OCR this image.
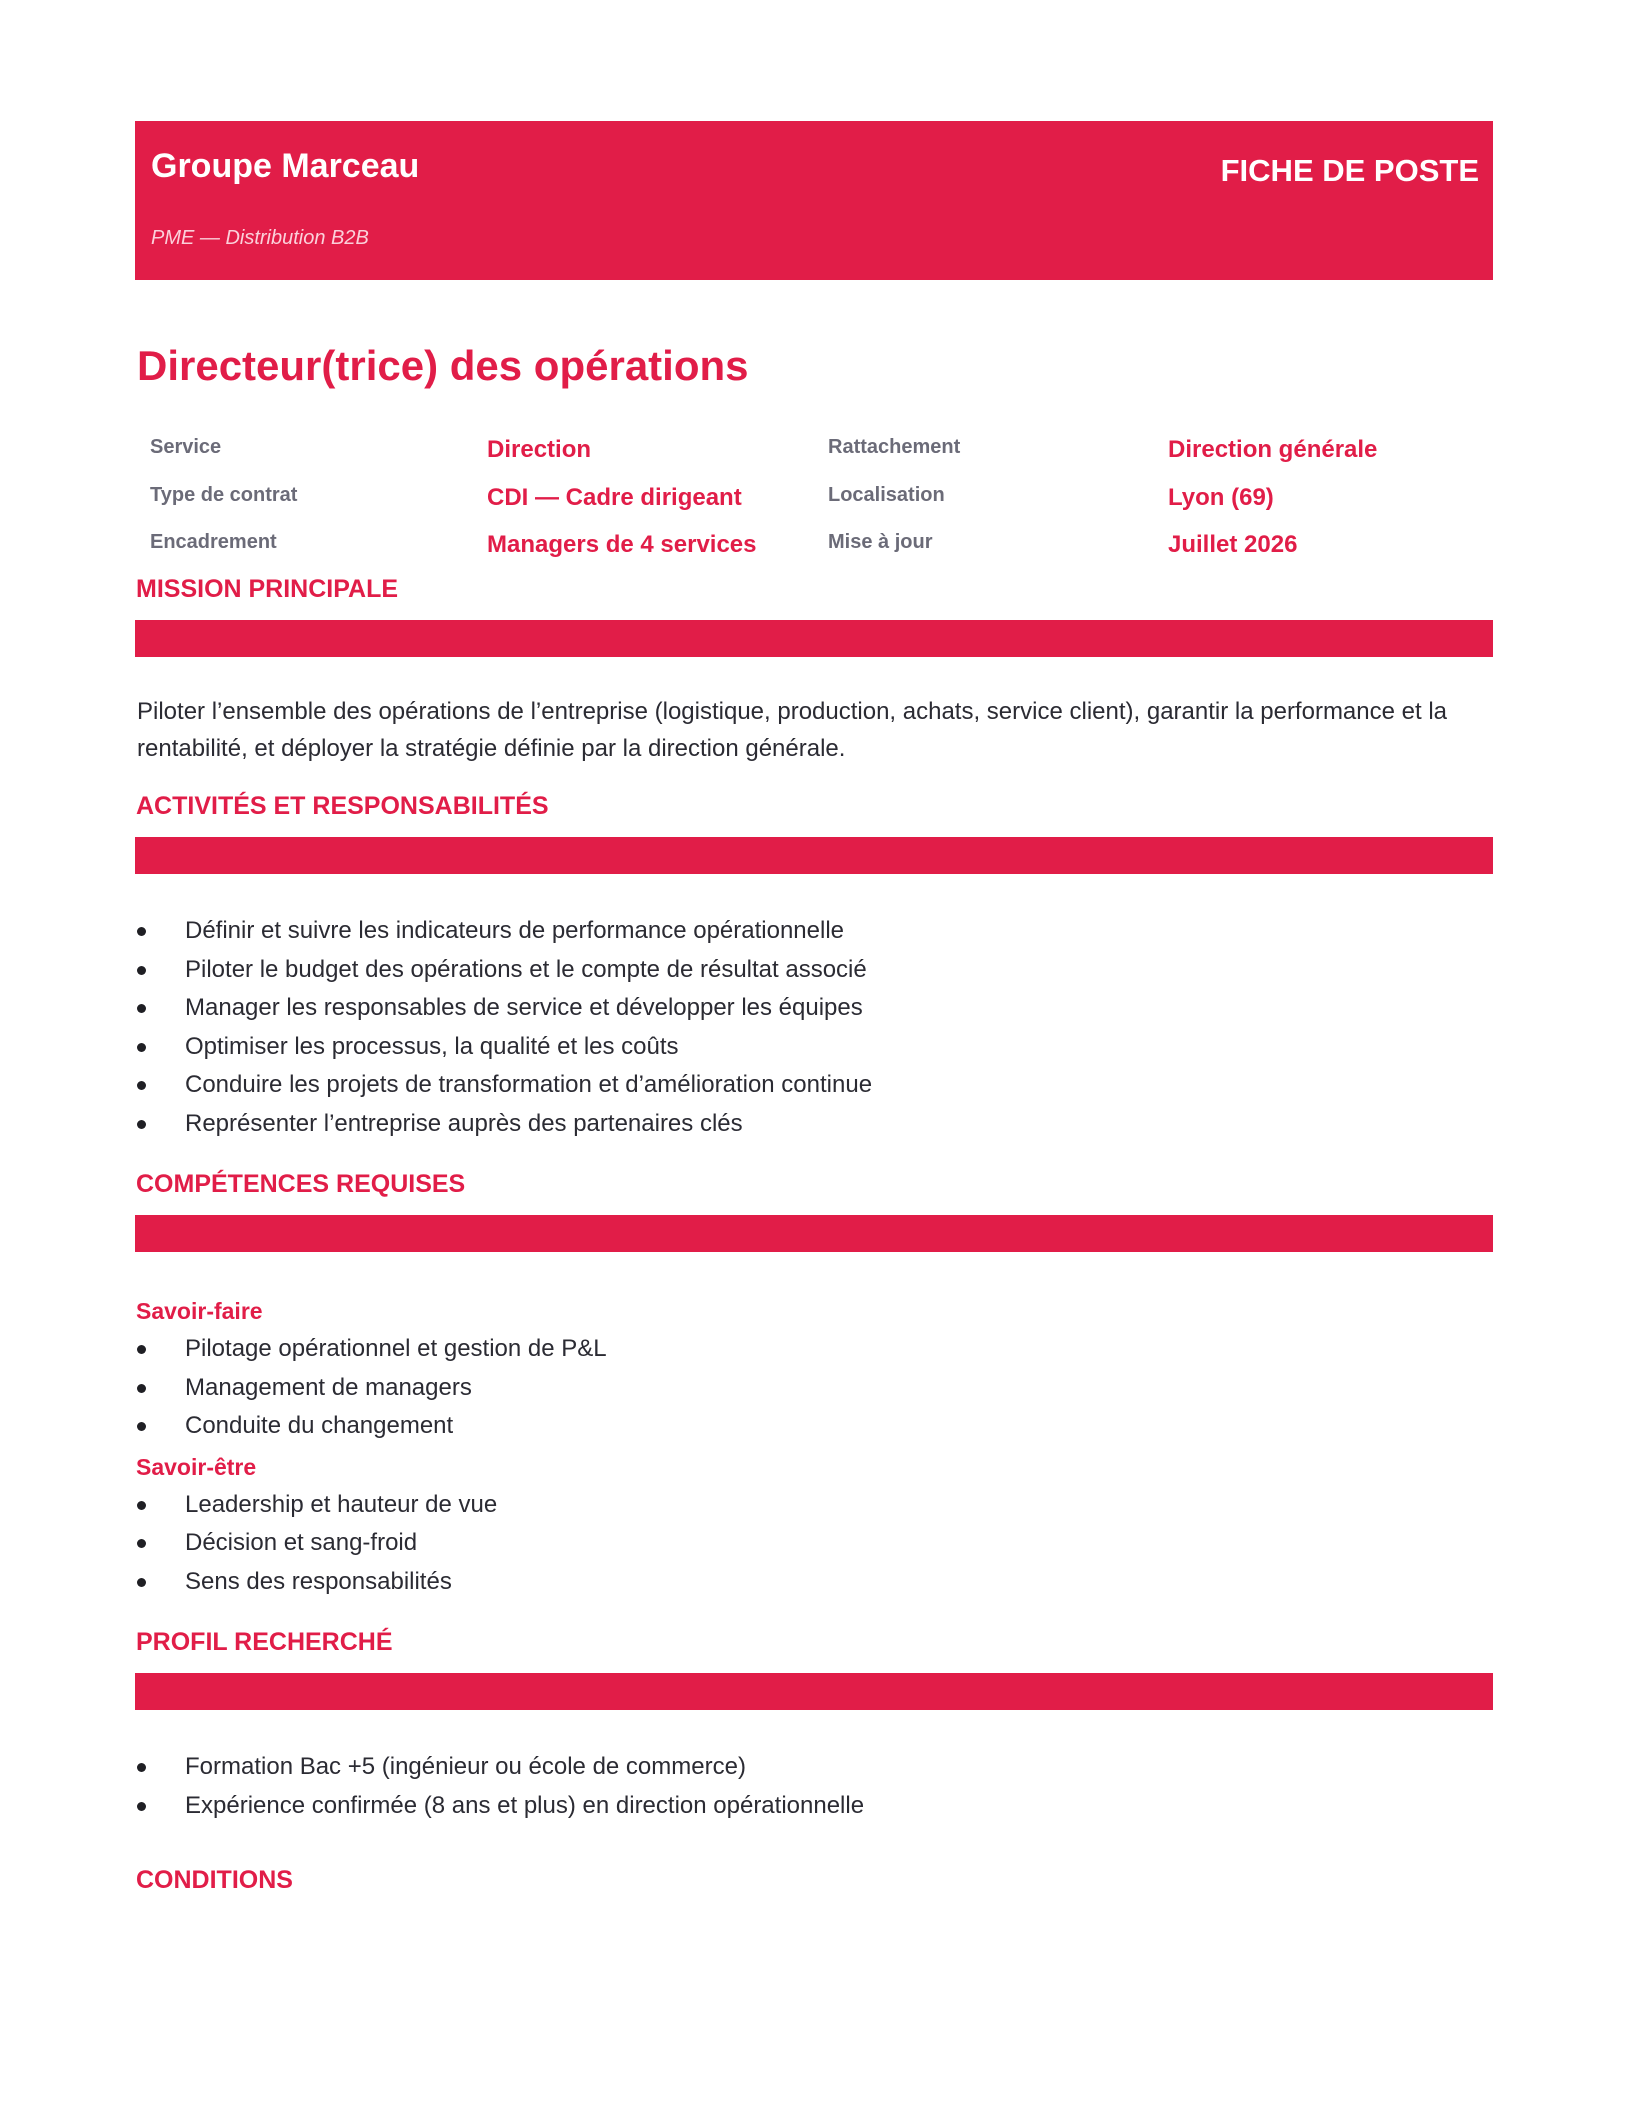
Groupe Marceau
PME — Distribution B2B
FICHE DE POSTE
Directeur(trice) des opérations
Service	Direction	Rattachement	Direction générale
Type de contrat	CDI — Cadre dirigeant	Localisation	Lyon (69)
Encadrement	Managers de 4 services	Mise à jour	Juillet 2026
MISSION PRINCIPALE
Piloter l’ensemble des opérations de l’entreprise (logistique, production, achats, service client), garantir la performance et la rentabilité, et déployer la stratégie définie par la direction générale.
ACTIVITÉS ET RESPONSABILITÉS
Définir et suivre les indicateurs de performance opérationnelle
Piloter le budget des opérations et le compte de résultat associé
Manager les responsables de service et développer les équipes
Optimiser les processus, la qualité et les coûts
Conduire les projets de transformation et d’amélioration continue
Représenter l’entreprise auprès des partenaires clés
COMPÉTENCES REQUISES
Savoir-faire
Pilotage opérationnel et gestion de P&L
Management de managers
Conduite du changement
Savoir-être
Leadership et hauteur de vue
Décision et sang-froid
Sens des responsabilités
PROFIL RECHERCHÉ
Formation Bac +5 (ingénieur ou école de commerce)
Expérience confirmée (8 ans et plus) en direction opérationnelle
CONDITIONS
